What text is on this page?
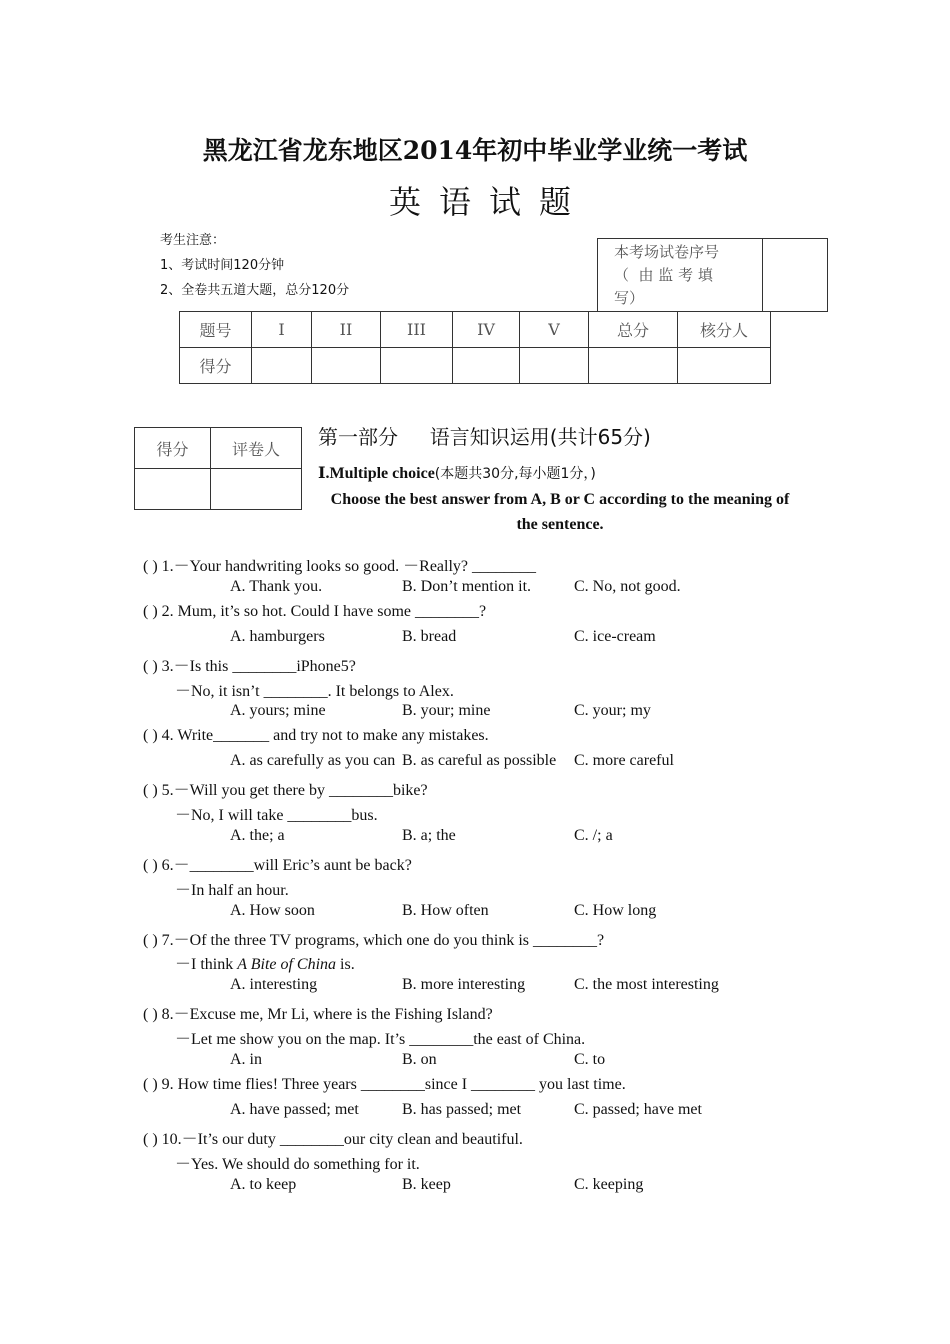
黑龙江省龙东地区2014年初中毕业学业统一考试
英语试题
考生注意：
1、考试时间120分钟
2、全卷共五道大题，总分120分
本考场试卷序号
（  由 监 考 填
写）

题号	I	II	III	IV	V	总分	核分人
得分							
得分	评卷人
	第一部分     语言知识运用(共计65分)
Ⅰ.Multiple choice(本题共30分,每小题1分，)
Choose the best answer from A, B or C according to the meaning of
the sentence.
( ) 1.－Your handwriting looks so good. －Really? ________
A. Thank you.	B. Don’t mention it.	C. No, not good.
( ) 2. Mum, it’s so hot. Could I have some ________?
A. hamburgers	B. bread	C. ice-cream
( ) 3.－Is this ________iPhone5?
－No, it isn’t ________. It belongs to Alex.
A. yours; mine	B. your; mine	C. your; my
( ) 4. Write_______ and try not to make any mistakes.
A. as carefully as you can B. as careful as possible C. more careful
( ) 5.－Will you get there by ________bike?
－No, I will take ________bus.
A. the; a	B. a; the	C. /; a
( ) 6.－________will Eric’s aunt be back?
－In half an hour.
A. How soon	B. How often	C. How long
( ) 7.－Of the three TV programs, which one do you think is ________?
－I think A Bite of China is.
A. interesting	B. more interesting	C. the most interesting
( ) 8.－Excuse me, Mr Li, where is the Fishing Island?
－Let me show you on the map. It’s ________the east of China.
A. in	B. on	C. to
( ) 9. How time flies! Three years ________since I ________ you last time.
A. have passed; met	B. has passed; met	C. passed; have met
( ) 10.－It’s our duty ________our city clean and beautiful.
－Yes. We should do something for it.
A. to keep	B. keep	C. keeping
